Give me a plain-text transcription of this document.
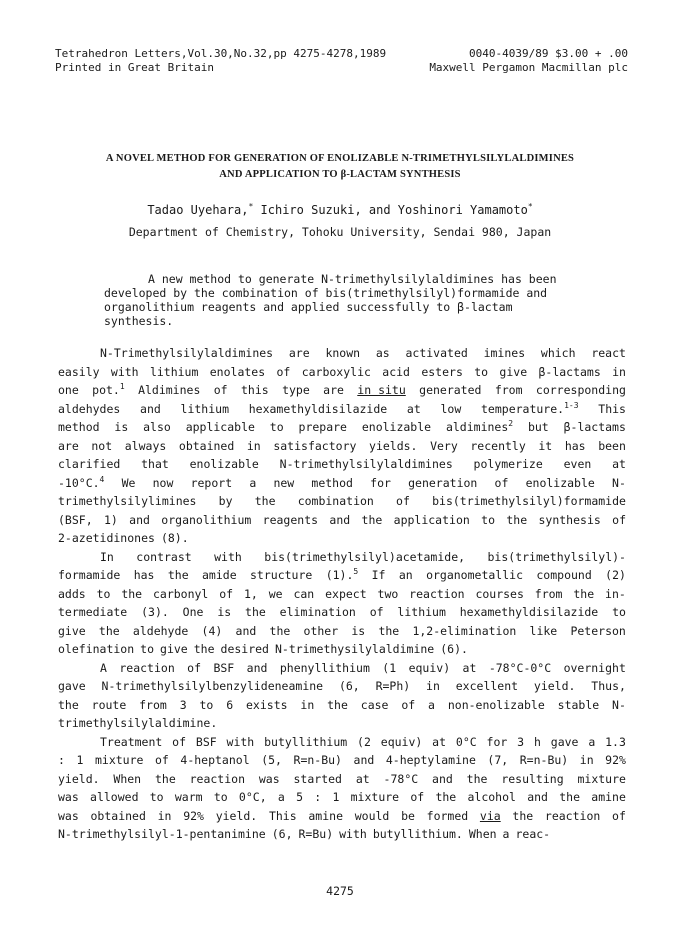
Tetrahedron Letters,Vol.30,No.32,pp 4275-4278,1989	0040-4039/89 $3.00 + .00
Printed in Great Britain	Maxwell Pergamon Macmillan plc
A NOVEL METHOD FOR GENERATION OF ENOLIZABLE N-TRIMETHYLSILYLALDIMINES
AND APPLICATION TO β-LACTAM SYNTHESIS
Tadao Uyehara,* Ichiro Suzuki, and Yoshinori Yamamoto*
Department of Chemistry, Tohoku University, Sendai 980, Japan
A new method to generate N-trimethylsilylaldimines has been
developed by the combination of bis(trimethylsilyl)formamide and
organolithium reagents and applied successfully to β-lactam
synthesis.
N-Trimethylsilylaldimines are known as activated imines which react
easily with lithium enolates of carboxylic acid esters to give β-lactams in
one pot.$^1$ Aldimines of this type are in situ generated from corresponding
aldehydes and lithium hexamethyldisilazide at low temperature.$^{1-3}$ This
method is also applicable to prepare enolizable aldimines$^2$ but β-lactams
are not always obtained in satisfactory yields. Very recently it has been
clarified that enolizable N-trimethylsilylaldimines polymerize even at
-10°C.$^4$ We now report a new method for generation of enolizable N-
trimethylsilylimines by the combination of bis(trimethylsilyl)formamide
(BSF, 1) and organolithium reagents and the application to the synthesis of
2-azetidinones (8).
In contrast with bis(trimethylsilyl)acetamide, bis(trimethylsilyl)-
formamide has the amide structure (1).$^5$ If an organometallic compound (2)
adds to the carbonyl of 1, we can expect two reaction courses from the in-
termediate (3). One is the elimination of lithium hexamethyldisilazide to
give the aldehyde (4) and the other is the 1,2-elimination like Peterson
olefination to give the desired N-trimethysilylaldimine (6).
A reaction of BSF and phenyllithium (1 equiv) at -78°C-0°C overnight
gave N-trimethylsilylbenzylideneamine (6, R=Ph) in excellent yield. Thus,
the route from 3 to 6 exists in the case of a non-enolizable stable N-
trimethylsilylaldimine.
Treatment of BSF with butyllithium (2 equiv) at 0°C for 3 h gave a 1.3
: 1 mixture of 4-heptanol (5, R=n-Bu) and 4-heptylamine (7, R=n-Bu) in 92%
yield. When the reaction was started at -78°C and the resulting mixture
was allowed to warm to 0°C, a 5 : 1 mixture of the alcohol and the amine
was obtained in 92% yield. This amine would be formed via the reaction of
N-trimethylsilyl-1-pentanimine (6, R=Bu) with butyllithium. When a reac-
4275
